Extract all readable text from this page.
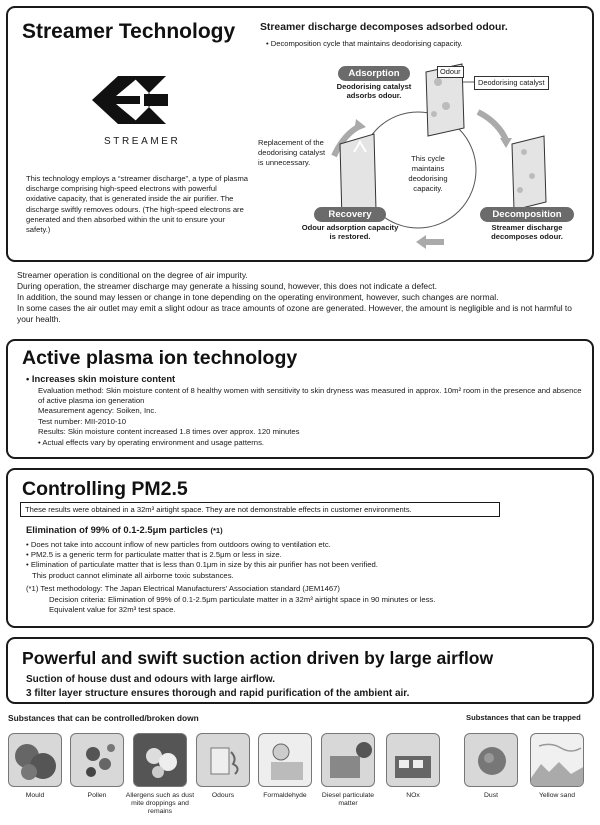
Streamer Technology
STREAMER
This technology employs a “streamer discharge”, a type of plasma discharge comprising high-speed electrons with powerful oxidative capacity, that is generated inside the air purifier. The discharge swiftly removes odours. (The high-speed electrons are generated and then absorbed within the unit to ensure your safety.)
Streamer discharge decomposes adsorbed odour.
• Decomposition cycle that maintains deodorising capacity.
Adsorption
Deodorising catalyst adsorbs odour.
Odour
Deodorising catalyst
Replacement of the deodorising catalyst is unnecessary.	This cycle maintains deodorising capacity.
Recovery
Odour adsorption capacity is restored.
Decomposition
Streamer discharge decomposes odour.
Streamer operation is conditional on the degree of air impurity.
During operation, the streamer discharge may generate a hissing sound, however, this does not indicate a defect.
In addition, the sound may lessen or change in tone depending on the operating environment, however, such changes are normal.
In some cases the air outlet may emit a slight odour as trace amounts of ozone are generated. However, the amount is negligible and is not harmful to your health.
Active plasma ion technology
• Increases skin moisture content
Evaluation method: Skin moisture content of 8 healthy women with sensitivity to skin dryness was measured in approx. 10m² room in the presence and absence of active plasma ion generation
Measurement agency: Soiken, Inc.
Test number: MII-2010-10
Results: Skin moisture content increased 1.8 times over approx. 120 minutes
• Actual effects vary by operating environment and usage patterns.
Controlling PM2.5
These results were obtained in a 32m³ airtight space. They are not demonstrable effects in customer environments.
Elimination of 99% of 0.1-2.5μm particles (*1)
• Does not take into account inflow of new particles from outdoors owing to ventilation etc.
• PM2.5 is a generic term for particulate matter that is 2.5μm or less in size.
• Elimination of particulate matter that is less than 0.1μm in size by this air purifier has not been verified.
This product cannot eliminate all airborne toxic substances.
(*1) Test methodology: The Japan Electrical Manufacturers' Association standard (JEM1467)
Decision criteria: Elimination of 99% of 0.1-2.5μm particulate matter in a 32m³ airtight space in 90 minutes or less.
Equivalent value for 32m³ test space.
Powerful and swift suction action driven by large airflow
Suction of house dust and odours with large airflow.
3 filter layer structure ensures thorough and rapid purification of the ambient air.
Substances that can be controlled/broken down	Substances that can be trapped
Mould	Pollen	Allergens such as dust mite droppings and remains
Odours	Formaldehyde	Diesel particulate matter
NOx	Dust	Yellow sand
